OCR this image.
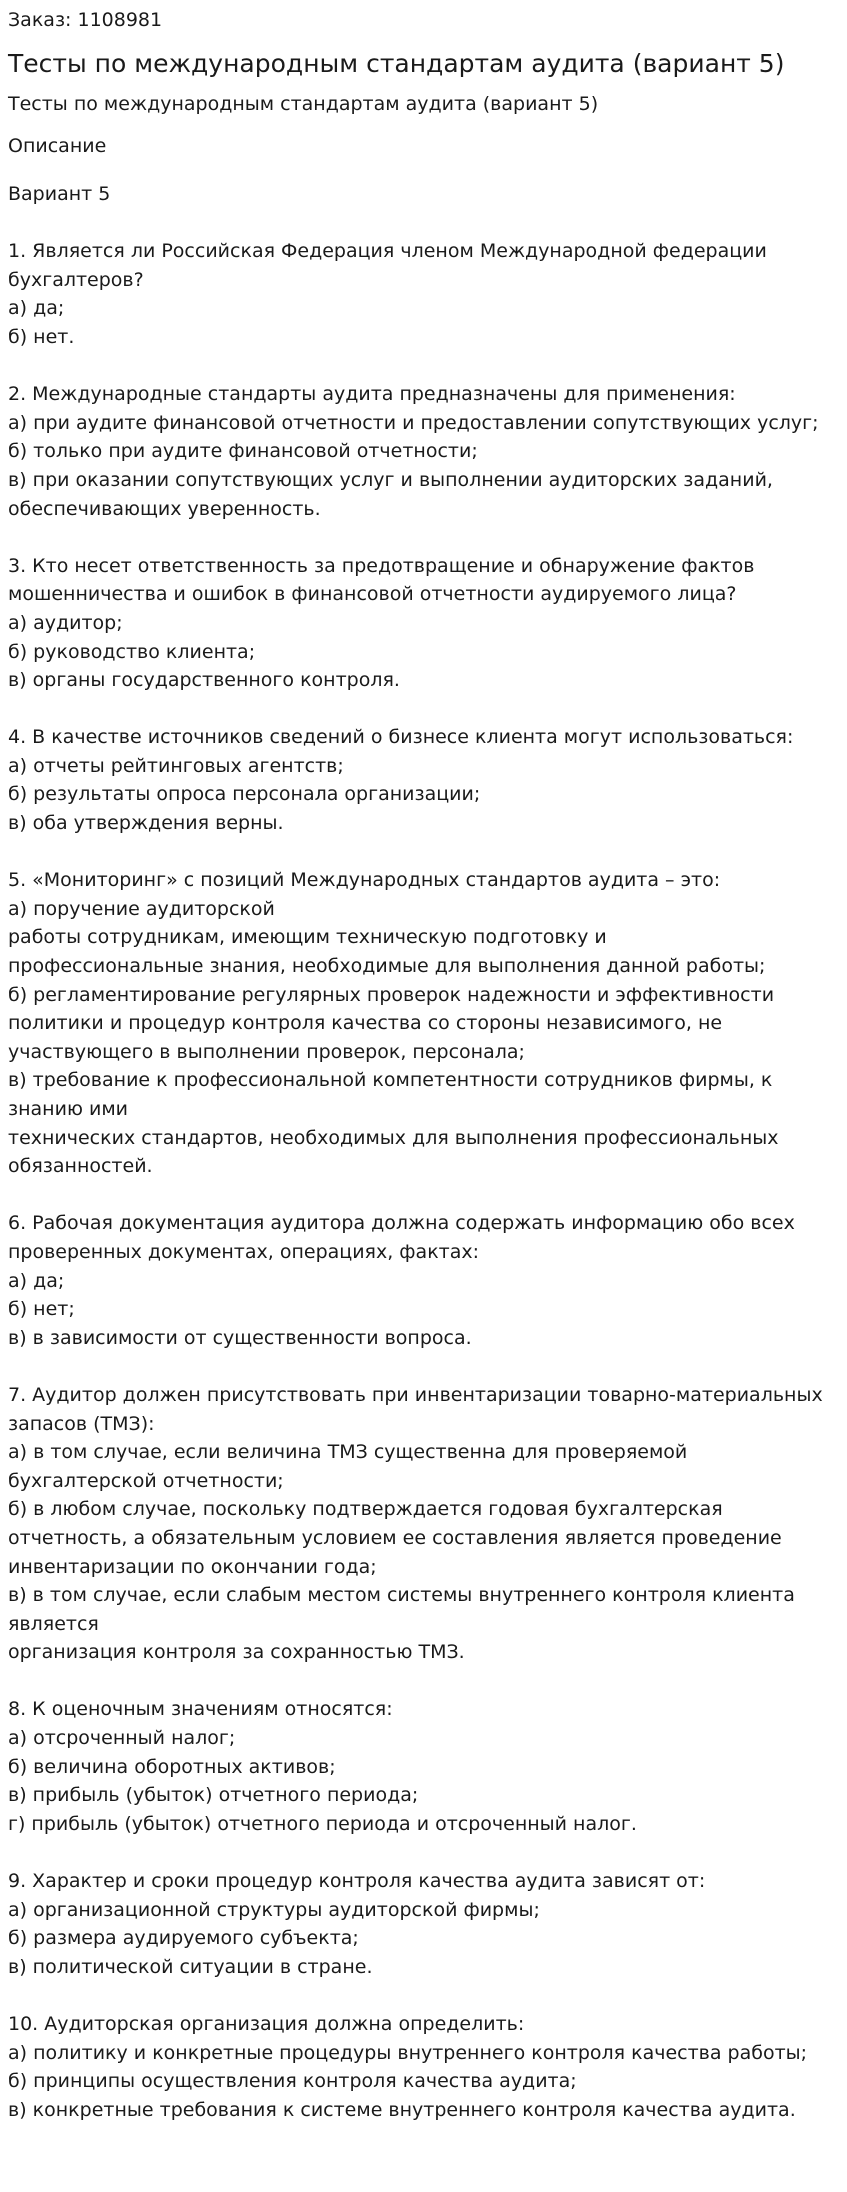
Заказ: 1108981

Тесты по международным стандартам аудита (вариант 5)

Тесты по международным стандартам аудита (вариант 5)

Описание

Вариант 5

1. Является ли Российская Федерация членом Международной федерации
бухгалтеров?
а) да;
б) нет.

2. Международные стандарты аудита предназначены для применения:
а) при аудите финансовой отчетности и предоставлении сопутствующих услуг;
б) только при аудите финансовой отчетности;
в) при оказании сопутствующих услуг и выполнении аудиторских заданий,
обеспечивающих уверенность.

3. Кто несет ответственность за предотвращение и обнаружение фактов
мошенничества и ошибок в финансовой отчетности аудируемого лица?
а) аудитор;
б) руководство клиента;
в) органы государственного контроля.

4. В качестве источников сведений о бизнесе клиента могут использоваться:
а) отчеты рейтинговых агентств;
б) результаты опроса персонала организации;
в) оба утверждения верны.

5. «Мониторинг» с позиций Международных стандартов аудита – это:
а) поручение аудиторской
работы сотрудникам, имеющим техническую подготовку и
профессиональные знания, необходимые для выполнения данной работы;
б) регламентирование регулярных проверок надежности и эффективности
политики и процедур контроля качества со стороны независимого, не
участвующего в выполнении проверок, персонала;
в) требование к профессиональной компетентности сотрудников фирмы, к
знанию ими
технических стандартов, необходимых для выполнения профессиональных
обязанностей.

6. Рабочая документация аудитора должна содержать информацию обо всех
проверенных документах, операциях, фактах:
а) да;
б) нет;
в) в зависимости от существенности вопроса.

7. Аудитор должен присутствовать при инвентаризации товарно-материальных
запасов (ТМЗ):
а) в том случае, если величина ТМЗ существенна для проверяемой
бухгалтерской отчетности;
б) в любом случае, поскольку подтверждается годовая бухгалтерская
отчетность, а обязательным условием ее составления является проведение
инвентаризации по окончании года;
в) в том случае, если слабым местом системы внутреннего контроля клиента
является
организация контроля за сохранностью ТМЗ.

8. К оценочным значениям относятся:
а) отсроченный налог;
б) величина оборотных активов;
в) прибыль (убыток) отчетного периода;
г) прибыль (убыток) отчетного периода и отсроченный налог.

9. Характер и сроки процедур контроля качества аудита зависят от:
а) организационной структуры аудиторской фирмы;
б) размера аудируемого субъекта;
в) политической ситуации в стране.

10. Аудиторская организация должна определить:
а) политику и конкретные процедуры внутреннего контроля качества работы;
б) принципы осуществления контроля качества аудита;
в) конкретные требования к системе внутреннего контроля качества аудита.
